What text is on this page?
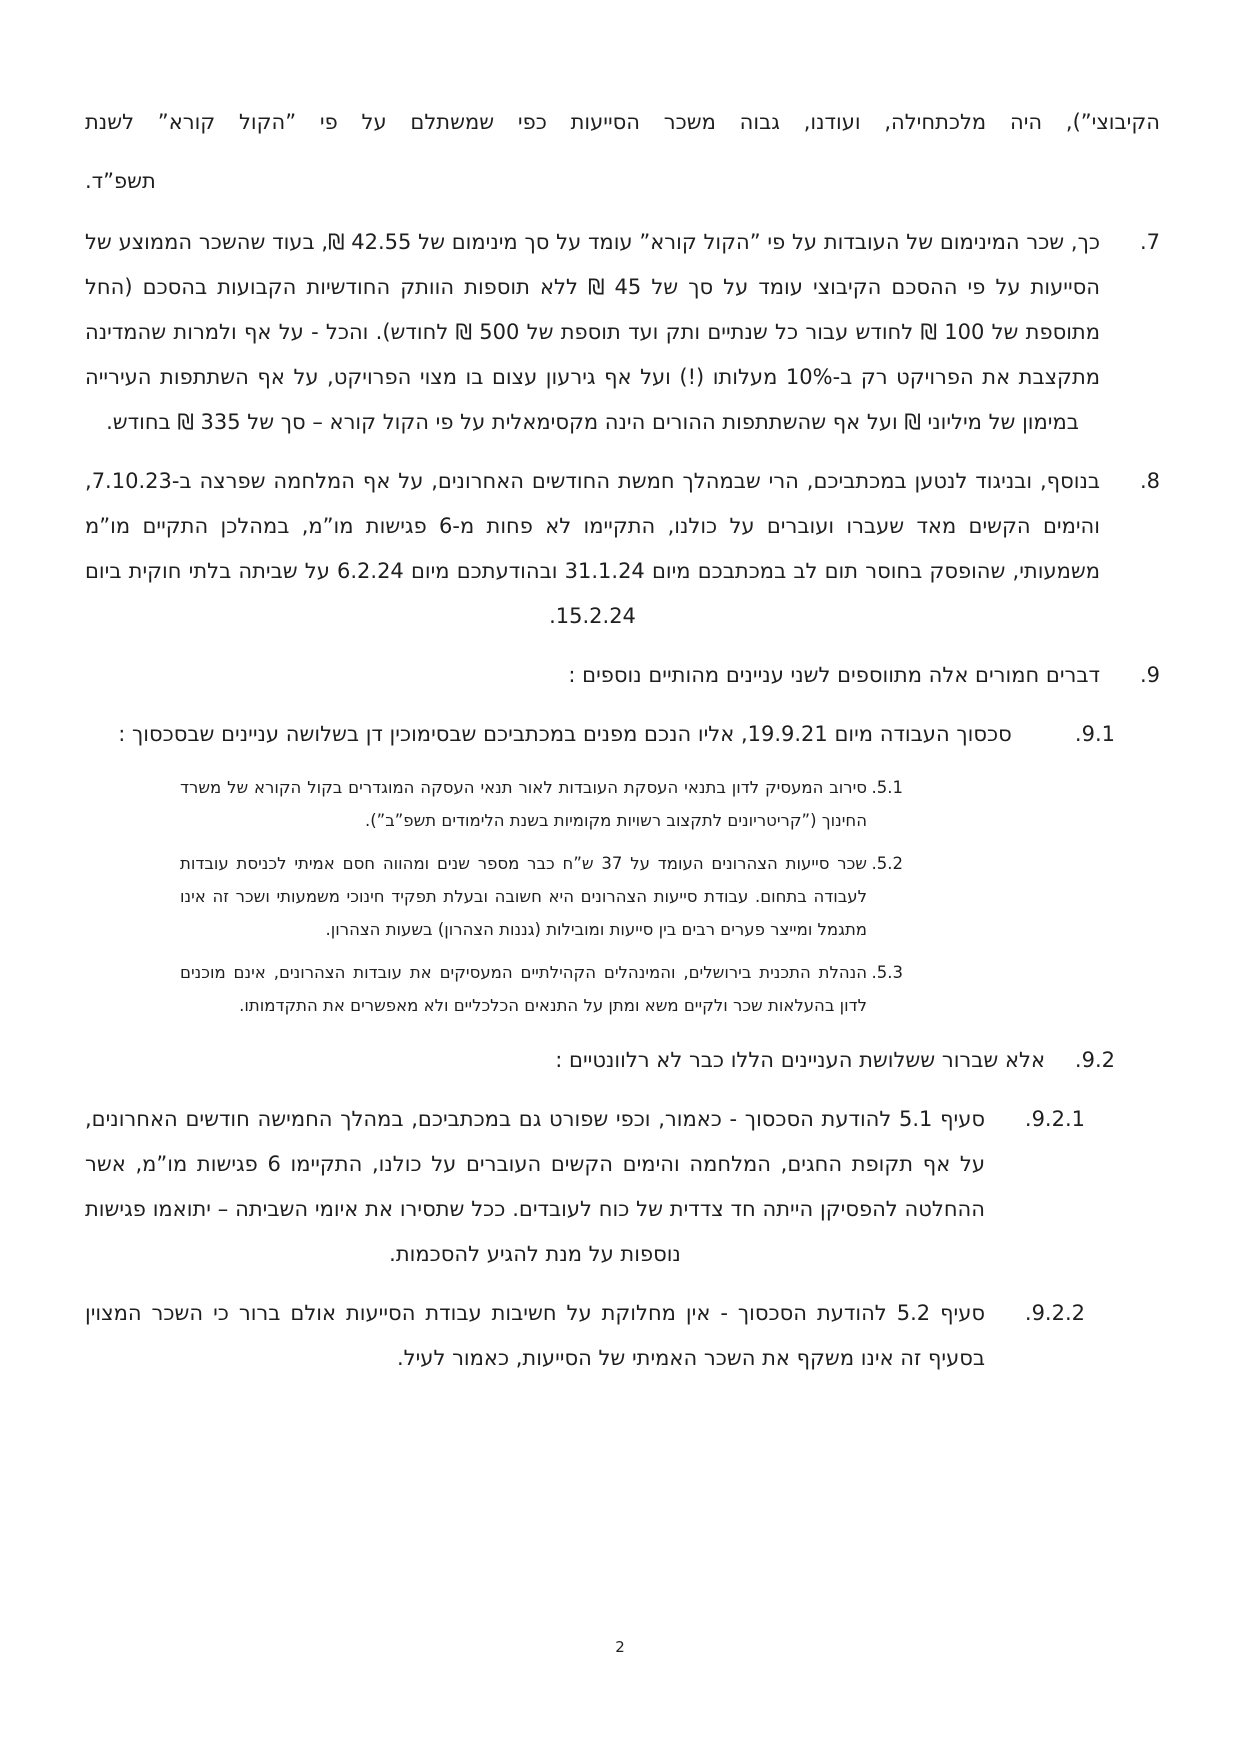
הקיבוצי”), היה מלכתחילה, ועודנו, גבוה משכר הסייעות כפי שמשתלם על פי ”הקול קורא” לשנת

תשפ”ד.

7.
כך, שכר המינימום של העובדות על פי ”הקול קורא” עומד על סך מינימום של 42.55 ₪, בעוד שהשכר הממוצע של הסייעות על פי ההסכם הקיבוצי עומד על סך של 45 ₪ ללא תוספות הוותק החודשיות הקבועות בהסכם (החל מתוספת של 100 ₪ לחודש עבור כל שנתיים ותק ועד תוספת של 500 ₪ לחודש). והכל - על אף ולמרות שהמדינה מתקצבת את הפרויקט רק ב-10% מעלותו (!) ועל אף גירעון עצום בו מצוי הפרויקט, על אף השתתפות העירייה במימון של מיליוני ₪ ועל אף שהשתתפות ההורים הינה מקסימאלית על פי הקול קורא – סך של 335 ₪ בחודש.
8.
בנוסף, ובניגוד לנטען במכתביכם, הרי שבמהלך חמשת החודשים האחרונים, על אף המלחמה שפרצה ב-7.10.23, והימים הקשים מאד שעברו ועוברים על כולנו, התקיימו לא פחות מ-6 פגישות מו”מ, במהלכן התקיים מו”מ משמעותי, שהופסק בחוסר תום לב במכתבכם מיום 31.1.24 ובהודעתכם מיום 6.2.24 על שביתה בלתי חוקית ביום 15.2.24.
9.
דברים חמורים אלה מתווספים לשני עניינים מהותיים נוספים :
9.1.
סכסוך העבודה מיום 19.9.21, אליו הנכם מפנים במכתביכם שבסימוכין דן בשלושה עניינים שבסכסוך :
5.1.
סירוב המעסיק לדון בתנאי העסקת העובדות לאור תנאי העסקה המוגדרים בקול הקורא של משרד החינוך (”קריטריונים לתקצוב רשויות מקומיות בשנת הלימודים תשפ”ב”).
5.2.
שכר סייעות הצהרונים העומד על 37 ש”ח כבר מספר שנים ומהווה חסם אמיתי לכניסת עובדות לעבודה בתחום. עבודת סייעות הצהרונים היא חשובה ובעלת תפקיד חינוכי משמעותי ושכר זה אינו מתגמל ומייצר פערים רבים בין סייעות ומובילות (גננות הצהרון) בשעות הצהרון.
5.3.
הנהלת התכנית בירושלים, והמינהלים הקהילתיים המעסיקים את עובדות הצהרונים, אינם מוכנים לדון בהעלאות שכר ולקיים משא ומתן על התנאים הכלכליים ולא מאפשרים את התקדמותו.
9.2.
אלא שברור ששלושת העניינים הללו כבר לא רלוונטיים :
9.2.1.
סעיף 5.1 להודעת הסכסוך - כאמור, וכפי שפורט גם במכתביכם, במהלך החמישה חודשים האחרונים, על אף תקופת החגים, המלחמה והימים הקשים העוברים על כולנו, התקיימו 6 פגישות מו”מ, אשר ההחלטה להפסיקן הייתה חד צדדית של כוח לעובדים. ככל שתסירו את איומי השביתה – יתואמו פגישות נוספות על מנת להגיע להסכמות.
9.2.2.
סעיף 5.2 להודעת הסכסוך - אין מחלוקת על חשיבות עבודת הסייעות אולם ברור כי השכר המצוין בסעיף זה אינו משקף את השכר האמיתי של הסייעות, כאמור לעיל.
2
